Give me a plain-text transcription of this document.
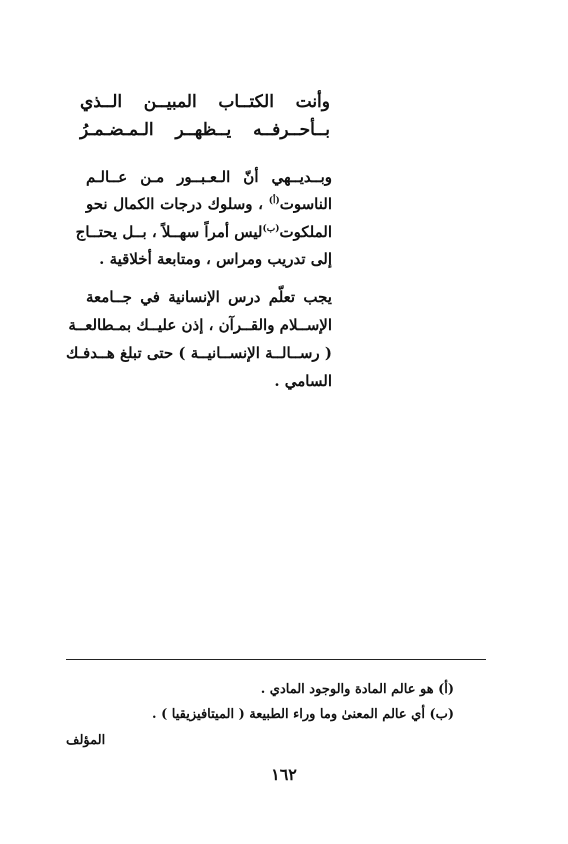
وأنت الكتــاب المبيــن الــذي
بــأحــرفــه يــظهــر الـمـضـمـرُ
وبــديــهي أنّ الـعـبــور مـن عــالـم
الناسوت$^{(أ)}$ ، وسلوك درجات الكمال نحو
الملكوت$^{(ب)}$ليس أمراً سهــلاً ، بــل يحتــاج
إلى تدريب ومراس ، ومتابعة أخلاقية .
يجب تعلّم درس الإنسانية في جــامعة
الإســلام والقــرآن ، إذن عليــك بمـطالعــة
( رســالــة الإنســانيــة ) حتى تبلغ هــدفـك
السامي .
(أ) هو عالم المادة والوجود المادي .
(ب) أي عالم المعنىٰ وما وراء الطبيعة ( الميتافيزيقيا ) .
المؤلف
١٦٢
